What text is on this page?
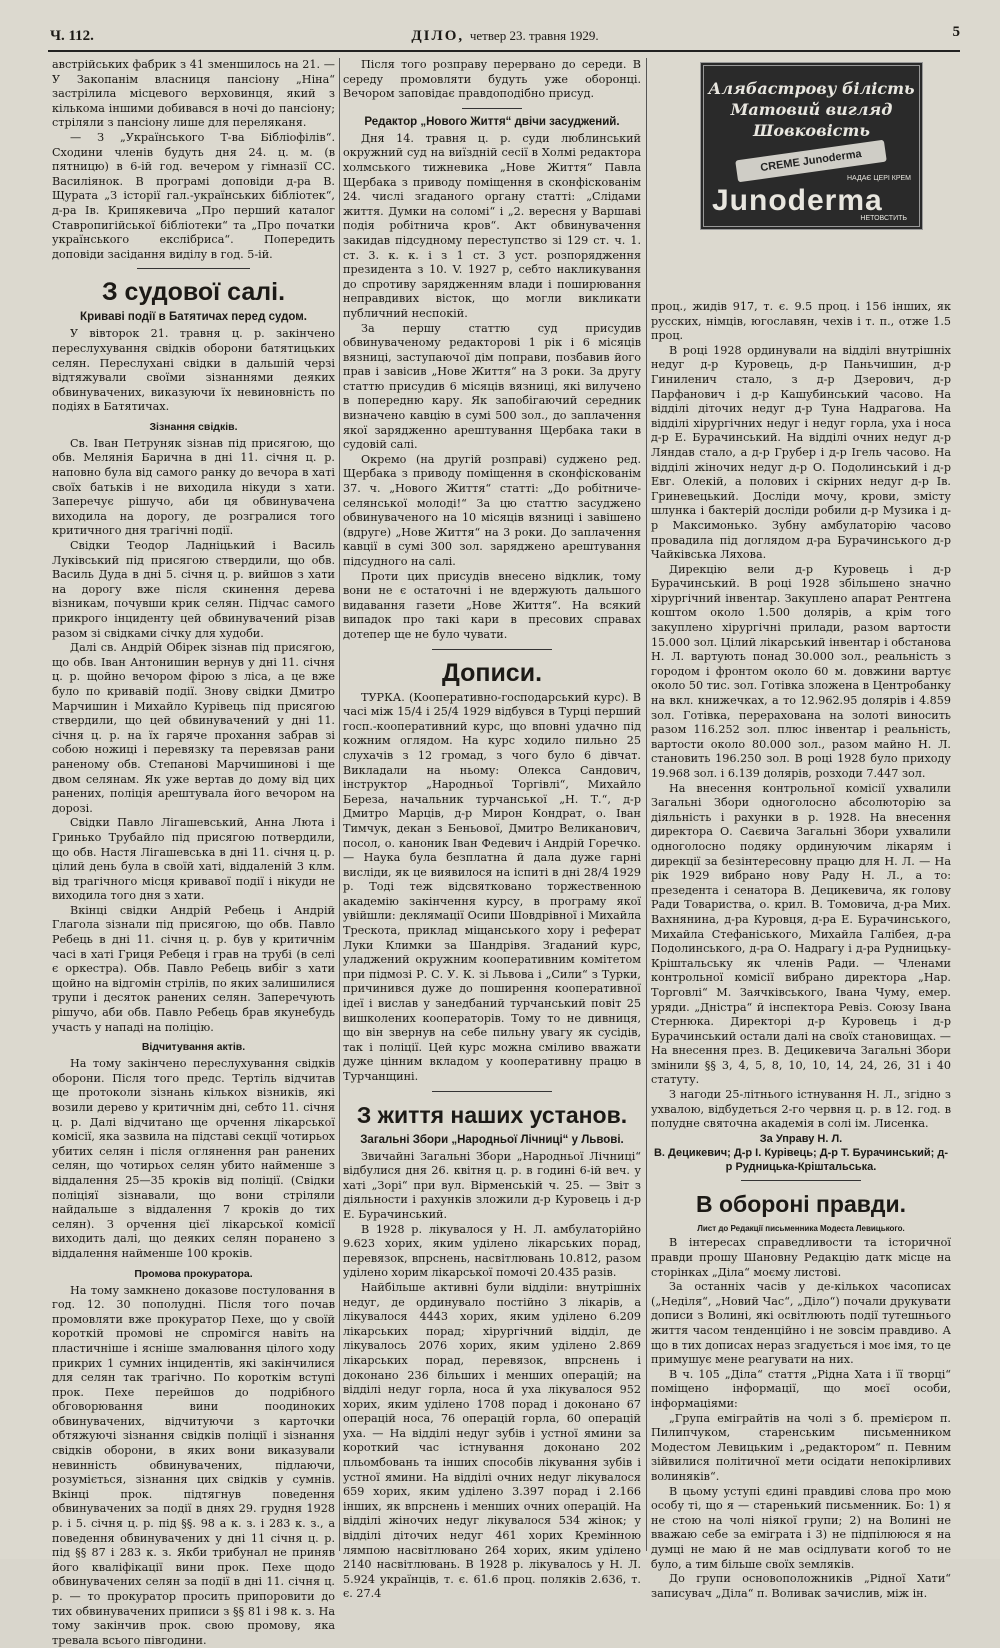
Ч. 112.	ДІЛО, четвер 23. травня 1929.	5

австрійських фабрик з 41 зменшилось на 21. — У Закопанім власниця пансіону „Ніна“ застрілила місцевого верховинця, який з кількома іншими добивався в ночі до пансіону; стріляли з пансіону лише для переляканя.

— З „Українського Т-ва Бібліофілів“. Сходини членів будуть дня 24. ц. м. (в пятницю) в 6-ій год. вечером у гімназії СС. Василіянок. В програмі доповіди д-ра В. Щурата „З історії гал.-українських бібліотек“, д-ра Ів. Крипякевича „Про перший каталог Ставропигійської бібліотеки“ та „Про початки українського екслібриса“. Попередить доповіди засідання виділу в год. 5-ій.

З судової салі.
Криваві події в Батятичах перед судом.

У вівторок 21. травня ц. р. закінчено переслухування свідків оборони батятицьких селян. Переслухані свідки в дальшій черзі відтяжували своїми зізнаннями деяких обвинувачених, виказуючи їх невиновність по подіях в Батятичах.

Зізнання свідків.

Св. Іван Петруняк зізнав під присягою, що обв. Мелянія Барична в дні 11. січня ц. р. наповно була від самого ранку до вечора в хаті своїх батьків і не виходила нікуди з хати. Заперечує рішучо, аби ця обвинувачена виходила на дорогу, де розгралися того критичного дня трагічні події.

Свідки Теодор Ладніцький і Василь Луківський під присягою ствердили, що обв. Василь Дуда в дні 5. січня ц. р. вийшов з хати на дорогу вже після скинення дерева візникам, почувши крик селян. Підчас самого прикрого інциденту цей обвинувачений різав разом зі свідками січку для худоби.

Далі св. Андрій Обірек зізнав під присягою, що обв. Іван Антонишин вернув у дні 11. січня ц. р. щойно вечором фірою з ліса, а це вже було по кривавій події. Знову свідки Дмитро Марчишин і Михайло Курівець під присягою ствердили, що цей обвинувачений у дні 11. січня ц. р. на їх гаряче прохання забрав зі собою ножиці і перевязку та перевязав рани раненому обв. Степанові Марчишинові і ще двом селянам. Як уже вертав до дому від цих ранених, поліція арештувала його вечором на дорозі.

Свідки Павло Лігашевський, Анна Люта і Гринько Трубайло під присягою потвердили, що обв. Настя Лігашевська в дні 11. січня ц. р. цілий день була в своїй хаті, віддаленій 3 клм. від трагічного місця кривавої події і нікуди не виходила того дня з хати.

Вкінці свідки Андрій Ребець і Андрій Глагола зізнали під присягою, що обв. Павло Ребець в дні 11. січня ц. р. був у критичнім часі в хаті Гриця Ребеця і грав на трубі (в селі є оркестра). Обв. Павло Ребець вибіг з хати щойно на відгомін стрілів, по яких залишилися трупи і десяток ранених селян. Заперечують рішучо, аби обв. Павло Ребець брав якунебудь участь у нападі на поліцію.

Відчитування актів.

На тому закінчено переслухування свідків оборони. Після того предс. Тертіль відчитав ще протоколи зізнань кількох візників, які возили дерево у критичнім дні, себто 11. січня ц. р. Далі відчитано ще орчення лікарської комісії, яка зазвила на підставі секції чотирьох убитих селян і після оглянення ран ранених селян, що чотирьох селян убито найменше з віддалення 25—35 кроків від поліції. (Свідки поліціяї зізнавали, що вони стріляли найдальше з віддалення 7 кроків до тих селян). З орчення цієї лікарської комісії виходить далі, що деяких селян поранено з віддалення найменше 100 кроків.

Промова прокуратора.

На тому замкнено доказове постуловання в год. 12. 30 пополудні. Після того почав промовляти вже прокуратор Пехе, що у своїй короткій промові не спромігся навіть на пластичніше і ясніше змалювання цілого ходу прикрих 1 сумних інцидентів, які закінчилися для селян так трагічно. По короткім вступі прок. Пехе перейшов до подрібного обговорювання вини поодиноких обвинувачених, відчитуючи з карточки обтяжуючі зізнання свідків поліції і зізнання свідків оборони, в яких вони виказували невинність обвинувачених, підлаючи, розуміється, зізнання цих свідків у сумнів. Вкінці прок. підтягнув поведення обвинувачених за події в днях 29. грудня 1928 р. і 5. січня ц. р. під §§. 98 а к. з. і 283 к. з., а поведення обвинувачених у дні 11 січня ц. р. під §§ 87 і 283 к. з. Якби трибунал не приняв його кваліфікації вини прок. Пехе щодо обвинувачених селян за події в дні 11. січня ц. р. — то прокуратор просить припоровити до тих обвинувачених приписи з §§ 81 і 98 к. з. На тому закінчив прок. свою промову, яка тревала всього півгодини.

Після того розправу перервано до середи. В середу промовляти будуть уже оборонці. Вечором заповідає правдоподібно присуд.

Редактор „Нового Життя“ двічи засуджений.

Дня 14. травня ц. р. суди люблинський окружний суд на виїздній сесії в Холмі редактора холмського тижневика „Нове Життя“ Павла Щербака з приводу поміщення в сконфіскованім 24. числі згаданого органу статті: „Слідами життя. Думки на соломі“ і „2. вересня у Варшаві подія робітнича кров“. Акт обвинувачення закидав підсудному переступство зі 129 ст. ч. 1. ст. 3. к. к. і з 1 ст. 3 уст. розпорядження президента з 10. V. 1927 р, себто накликування до спротиву зарядженням влади і поширювання неправдивих вісток, що могли викликати публичний неспокій.

За першу статтю суд присудив обвинуваченому редакторові 1 рік і 6 місяців вязниці, заступаючої дім поправи, позбавив його прав і завісив „Нове Життя“ на 3 роки. За другу статтю присудив 6 місяців вязниці, які вилучено в попередню кару. Як запобігаючий середник визначено кавцію в сумі 500 зол., до заплачення якої зарядженно арештування Щербака таки в судовій салі.

Окремо (на другій розправі) суджено ред. Щербака з приводу поміщення в сконфіскованім 37. ч. „Нового Життя“ статті: „До робітниче-селянської молоді!“ За цю статтю засуджено обвинуваченого на 10 місяців вязниці і завішено (вдруге) „Нове Життя“ на 3 роки. До заплачення кавції в сумі 300 зол. заряджено арештування підсудного на салі.

Проти цих присудів внесено відклик, тому вони не є остаточні і не вдержують дальшого видавання газети „Нове Життя“. На всякий випадок про такі кари в пресових справах дотепер ще не було чувати.

Дописи.

ТУРКА. (Кооперативно-господарський курс). В часі між 15/4 і 25/4 1929 відбувся в Турці перший госп.-кооперативний курс, що вповні удачно під кожним оглядом. На курс ходило пильно 25 слухачів з 12 громад, з чого було 6 дівчат. Викладали на ньому: Олекса Сандович, інструктор „Народньої Торгівлі“, Михайло Береза, начальник турчанської „Н. Т.“, д-р Дмитро Марців, д-р Мирон Кондрат, о. Іван Тимчук, декан з Беньової, Дмитро Великанович, посол, о. каноник Іван Федевич і Андрій Горечко. — Наука була безплатна й дала дуже гарні висліди, як це виявилося на іспиті в дні 28/4 1929 р. Тоді теж відсвятковано торжественною академію закінчення курсу, в програму якої увійшли: деклямації Осипи Шовдрівної і Михайла Трескота, приклад міщанського хору і реферат Луки Климки за Шандрівя. Згаданий курс, уладжений окружним кооперативним комітетом при підмозі Р. С. У. К. зі Львова і „Сили“ з Турки, причинився дуже до поширення кооперативної ідеї і вислав у занедбаний турчанський повіт 25 вишколених кооператорів. Тому то не дивниця, що він звернув на себе пильну увагу як сусідів, так і поліції. Цей курс можна сміливо вважати дуже цінним вкладом у кооперативну працю в Турчанщині.

З життя наших установ.
Загальні Збори „Народньої Лічниці“ у Львові.

Звичайні Загальні Збори „Народньої Лічниці“ відбулися дня 26. квітня ц. р. в годині 6-ій веч. у хаті „Зорі“ при вул. Вірменській ч. 25. — Звіт з діяльности і рахунків зложили д-р Куровець і д-р Е. Бурачинський.

В 1928 р. лікувалося у Н. Л. амбулаторійно 9.623 хорих, яким уділено лікарських порад, перевязок, впрснень, насвітлювань 10.812, разом уділено хорим лікарської помочі 20.435 разів.

Найбільше активні були відділи: внутрішніх недуг, де ординувало постійно 3 лікарів, а лікувалося 4443 хорих, яким уділено 6.209 лікарських порад; хірургічний відділ, де лікувалось 2076 хорих, яким уділено 2.869 лікарських порад, перевязок, впрснень і доконано 236 більших і менших операцій; на відділі недуг горла, носа й уха лікувалося 952 хорих, яким уділено 1708 порад і доконано 67 операцій носа, 76 операцій горла, 60 операцій уха. — На відділі недуг зубів і устної ямини за короткий час істнування доконано 202 пльомбовань та інших способів лікування зубів і устної ямини. На відділі очних недуг лікувалося 659 хорих, яким уділено 3.397 порад і 2.166 інших, як впрснень і менших очних операцій. На відділі жіночих недуг лікувалося 534 жінок; у відділі діточих недуг 461 хорих Кремінною лямпою насвітлювано 264 хорих, яким уділено 2140 насвітлювань. В 1928 р. лікувалось у Н. Л. 5.924 українців, т. є. 61.6 проц. поляків 2.636, т. є. 27.4

Алябастрову білість
Матовий вигляд
Шовковість
CREME Junoderma
НАДАЄ ЦЕРІ КРЕМ
Junoderma
НЕТОВСТИТЬ

проц., жидів 917, т. є. 9.5 проц. і 156 інших, як русских, німців, югославян, чехів і т. п., отже 1.5 проц.

В році 1928 ординували на відділі внутрішніх недуг д-р Куровець, д-р Паньчишин, д-р Гиниленич стало, з д-р Дзерович, д-р Парфанович і д-р Кашубинський часово. На відділі діточих недуг д-р Туна Надрагова. На відділі хірургічних недуг і недуг горла, уха і носа д-р Е. Бурачинський. На відділі очних недуг д-р Ляндав стало, а д-р Грубер і д-р Ігель часово. На відділі жіночих недуг д-р О. Подолинський і д-р Евг. Олекій, а полових і скірних недуг д-р Ів. Гриневецький. Досліди мочу, крови, змісту шлунка і бактерій досліди робили д-р Музика і д-р Максимонько. Зубну амбулаторію часово провадила під доглядом д-ра Бурачинського д-р Чайківська Ляхова.

Дирекцію вели д-р Куровець і д-р Бурачинський. В році 1928 збільшено значно хірургічний інвентар. Закуплено апарат Рентгена коштом около 1.500 долярів, а крім того закуплено хірургічні прилади, разом вартости 15.000 зол. Цілий лікарський інвентар і обстанова Н. Л. вартують понад 30.000 зол., реальність з городом і фронтом около 60 м. довжини вартує около 50 тис. зол. Готівка зложена в Центробанку на вкл. книжечках, а то 12.962.95 долярів і 4.859 зол. Готівка, перерахована на золоті виносить разом 116.252 зол. плюс інвентар і реальність, вартости около 80.000 зол., разом майно Н. Л. становить 196.250 зол. В році 1928 було приходу 19.968 зол. і 6.139 долярів, розходи 7.447 зол.

На внесення контрольної комісії ухвалили Загальні Збори одноголосно абсолюторію за діяльність і рахунки в р. 1928. На внесення директора О. Саєвича Загальні Збори ухвалили одноголосно подяку ординуючим лікарям і дирекції за безінтересовну працю для Н. Л. — На рік 1929 вибрано нову Раду Н. Л., а то: презедента і сенатора В. Децикевича, як голову Ради Товариства, о. крил. В. Томовича, д-ра Мих. Вахнянина, д-ра Куровця, д-ра Е. Бурачинського, Михайла Стефаніського, Михайла Галібея, д-ра Подолинського, д-ра О. Надрагу і д-ра Рудницьку-Кріштальську як членів Ради. — Членами контрольної комісії вибрано директора „Нар. Торговлі“ М. Заячківського, Івана Чуму, емер. уряди. „Дністра“ й інспектора Ревіз. Союзу Івана Стернюка. Директорі д-р Куровець і д-р Бурачинський остали далі на своїх становищах. — На внесення през. В. Децикевича Загальні Збори змінили §§ 3, 4, 5, 8, 10, 10, 14, 24, 26, 31 і 40 статуту.

З нагоди 25-літнього істнування Н. Л., згідно з ухвалою, відбудеться 2-го червня ц. р. в 12. год. в полудне святочна академія в солі ім. Лисенка.

За Управу Н. Л.
В. Децикевич; Д-р І. Курівець; Д-р Т. Бурачинський; д-р Рудницька-Кріштальська.
В обороні правди.
Лист до Редакції письменника Модеста Левицького.

В інтересах справедливости та історичної правди прошу Шановну Редакцію датк місце на сторінках „Діла“ моєму листові.

За останніх часів у де-кількох часописах („Неділя“, „Новий Час“, „Діло“) почали друкувати дописи з Волині, які освітлюють події тутешнього життя часом тенденційно і не зовсім правдиво. А що в тих дописах нераз згадується і моє імя, то це примушує мене реагувати на них.

В ч. 105 „Діла“ стаття „Рідна Хата і її творці“ поміщено інформації, що моєї особи, інформаціями:

„Група еміграйтів на чолі з б. премієром п. Пилипчуком, старенським письменником Модестом Левицьким і „редактором“ п. Певним зійвилися політичної мети осідати непокірливих волиняків“.

В цьому уступі єдині правдиві слова про мою особу ті, що я — старенький письменник. Бо: 1) я не стою на чолі ніякої групи; 2) на Волині не вважаю себе за еміграта і 3) не підпілююся я на думці не маю й не мав осідлувати когоб то не було, а тим більше своїх земляків.

До групи основоположників „Рідної Хати“ записувач „Діла“ п. Воливак зачислив, між ін.
